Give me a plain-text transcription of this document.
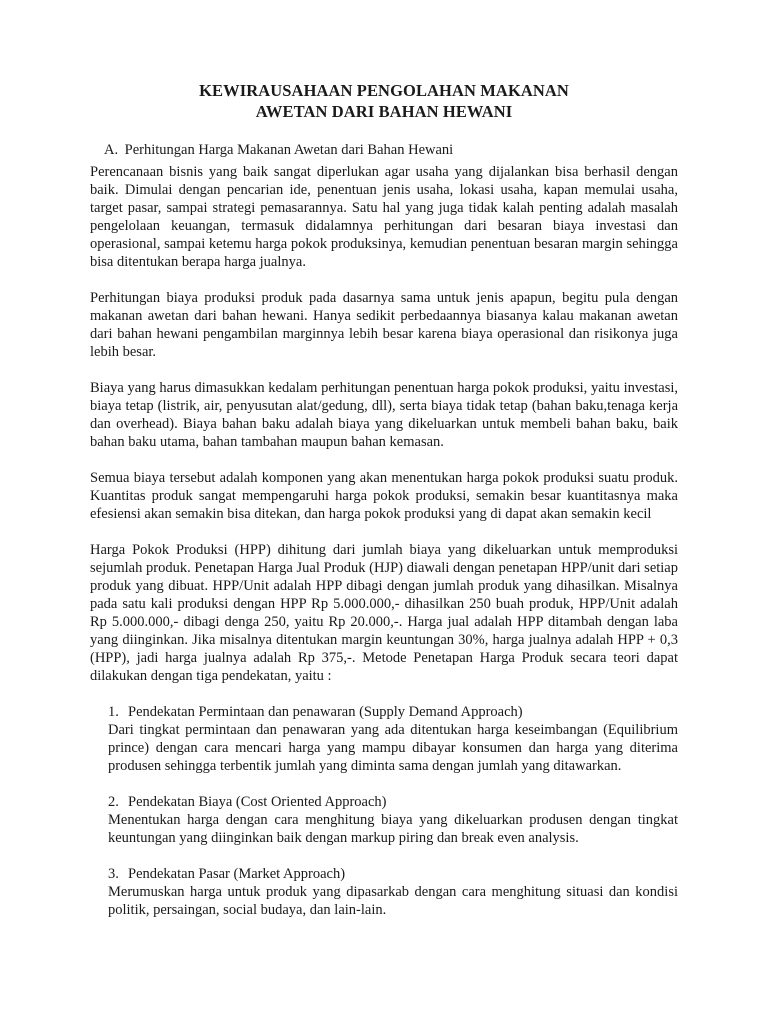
KEWIRAUSAHAAN PENGOLAHAN MAKANAN
AWETAN DARI BAHAN HEWANI
A. Perhitungan Harga Makanan Awetan dari Bahan Hewani

Perencanaan bisnis yang baik sangat diperlukan agar usaha yang dijalankan bisa berhasil dengan baik. Dimulai dengan pencarian ide, penentuan jenis usaha, lokasi usaha, kapan memulai usaha, target pasar, sampai strategi pemasarannya. Satu hal yang juga tidak kalah penting adalah masalah pengelolaan keuangan, termasuk didalamnya perhitungan dari besaran biaya investasi dan operasional, sampai ketemu harga pokok produksinya, kemudian penentuan besaran margin sehingga bisa ditentukan berapa harga jualnya.

Perhitungan biaya produksi produk pada dasarnya sama untuk jenis apapun, begitu pula dengan makanan awetan dari bahan hewani. Hanya sedikit perbedaannya biasanya kalau makanan awetan dari bahan hewani pengambilan marginnya lebih besar karena biaya operasional dan risikonya juga lebih besar.

Biaya yang harus dimasukkan kedalam perhitungan penentuan harga pokok produksi, yaitu investasi, biaya tetap (listrik, air, penyusutan alat/gedung, dll), serta biaya tidak tetap (bahan baku,tenaga kerja dan overhead). Biaya bahan baku adalah biaya yang dikeluarkan untuk membeli bahan baku, baik bahan baku utama, bahan tambahan maupun bahan kemasan.

Semua biaya tersebut adalah komponen yang akan menentukan harga pokok produksi suatu produk. Kuantitas produk sangat mempengaruhi harga pokok produksi, semakin besar kuantitasnya maka efesiensi akan semakin bisa ditekan, dan harga pokok produksi yang di dapat akan semakin kecil

Harga Pokok Produksi (HPP) dihitung dari jumlah biaya yang dikeluarkan untuk memproduksi sejumlah produk. Penetapan Harga Jual Produk (HJP) diawali dengan penetapan HPP/unit dari setiap produk yang dibuat. HPP/Unit adalah HPP dibagi dengan jumlah produk yang dihasilkan. Misalnya pada satu kali produksi dengan HPP Rp 5.000.000,- dihasilkan 250 buah produk, HPP/Unit adalah Rp 5.000.000,- dibagi denga 250, yaitu Rp 20.000,-. Harga jual adalah HPP ditambah dengan laba yang diinginkan. Jika misalnya ditentukan margin keuntungan 30%, harga jualnya adalah HPP + 0,3 (HPP), jadi harga jualnya adalah Rp 375,-. Metode Penetapan Harga Produk secara teori dapat dilakukan dengan tiga pendekatan, yaitu :

1. Pendekatan Permintaan dan penawaran (Supply Demand Approach)

Dari tingkat permintaan dan penawaran yang ada ditentukan harga keseimbangan (Equilibrium prince) dengan cara mencari harga yang mampu dibayar konsumen dan harga yang diterima produsen sehingga terbentik jumlah yang diminta sama dengan jumlah yang ditawarkan.

2. Pendekatan Biaya (Cost Oriented Approach)

Menentukan harga dengan cara menghitung biaya yang dikeluarkan produsen dengan tingkat keuntungan yang diinginkan baik dengan markup piring dan break even analysis.

3. Pendekatan Pasar (Market Approach)

Merumuskan harga untuk produk yang dipasarkab dengan cara menghitung situasi dan kondisi politik, persaingan, social budaya, dan lain-lain.
